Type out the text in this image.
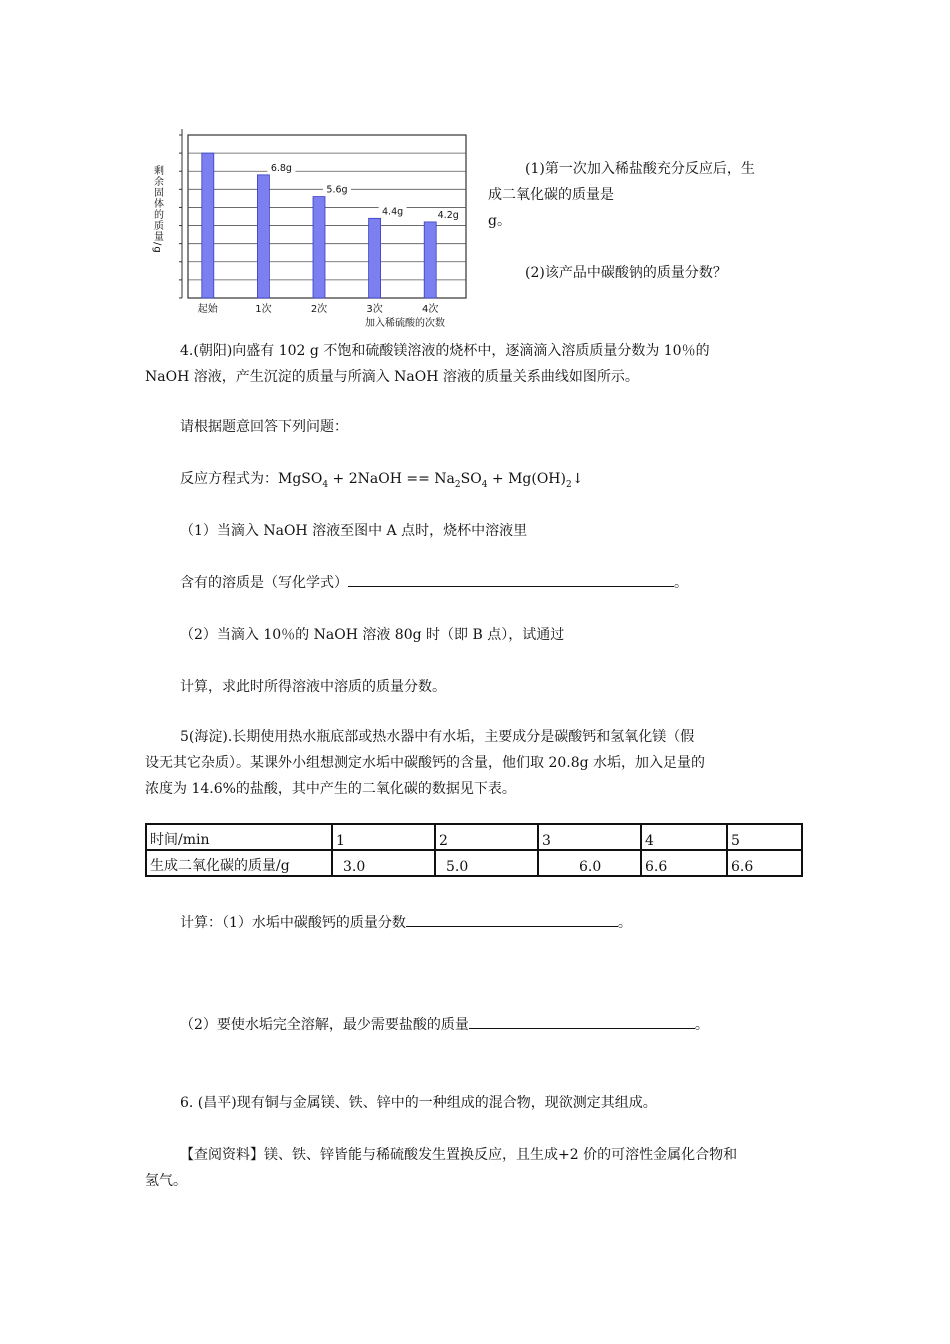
剩余固体的质量/g
起始	1次
6.8g
2次
5.6g
3次
4.4g
4次
4.2g
加入稀硫酸的次数
(1)第一次加入稀盐酸充分反应后，生
成二氧化碳的质量是
g。
(2)该产品中碳酸钠的质量分数？
4.(朝阳)向盛有 102 g 不饱和硫酸镁溶液的烧杯中，逐滴滴入溶质质量分数为 10％的
NaOH 溶液，产生沉淀的质量与所滴入 NaOH 溶液的质量关系曲线如图所示。
请根据题意回答下列问题：
反应方程式为：MgSO$_4$ + 2NaOH == $Na_2SO_4$ + $Mg(OH)_2↓$
（1）当滴入 NaOH 溶液至图中 A 点时，烧杯中溶液里
含有的溶质是（写化学式）	。
（2）当滴入 10％的 NaOH 溶液 80g 时（即 B 点），试通过
计算，求此时所得溶液中溶质的质量分数。
5(海淀).长期使用热水瓶底部或热水器中有水垢，主要成分是碳酸钙和氢氧化镁（假
设无其它杂质）。某课外小组想测定水垢中碳酸钙的含量，他们取 20.8g 水垢，加入足量的
浓度为 14.6%的盐酸，其中产生的二氧化碳的数据见下表。
时间/min	1	2	3	4	5
生成二氧化碳的质量/g	3.0	5.0	6.0	6.6	6.6
计算：（1）水垢中碳酸钙的质量分数	。
（2）要使水垢完全溶解，最少需要盐酸的质量	。
6. (昌平)现有铜与金属镁、铁、锌中的一种组成的混合物，现欲测定其组成。
【查阅资料】镁、铁、锌皆能与稀硫酸发生置换反应，且生成+2 价的可溶性金属化合物和
氢气。
